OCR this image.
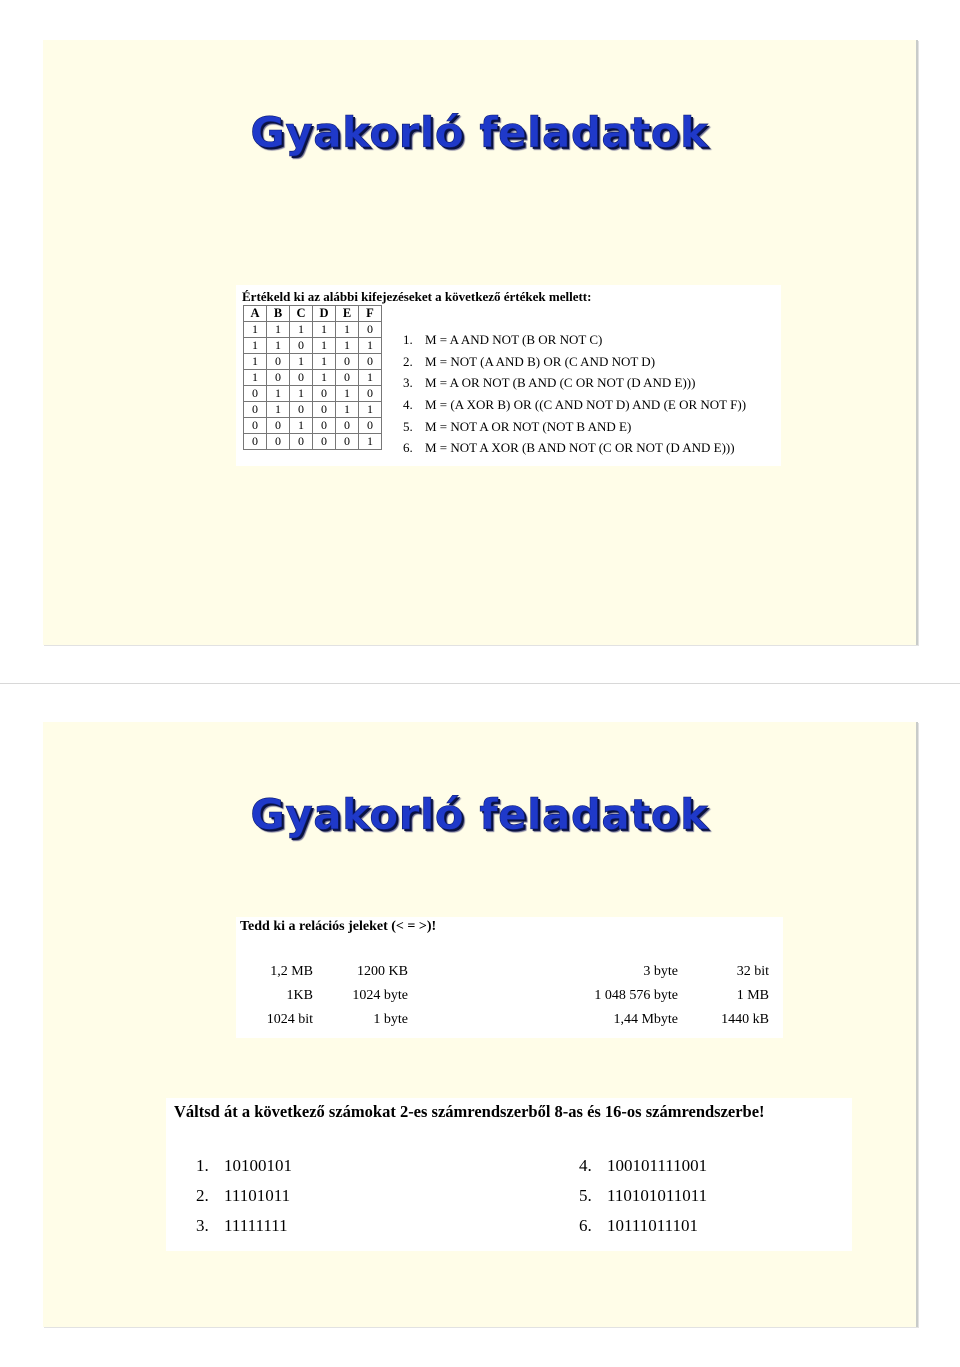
Gyakorló feladatok
Értékeld ki az alábbi kifejezéseket a következő értékek mellett:
A	B	C	D	E	F
1	1	1	1	1	0
1	1	0	1	1	1
1	0	1	1	0	0
1	0	0	1	0	1
0	1	1	0	1	0
0	1	0	0	1	1
0	0	1	0	0	0
0	0	0	0	0	1
1. M = A AND NOT (B OR NOT C)
2. M = NOT (A AND B) OR (C AND NOT D)
3. M = A OR NOT (B AND (C OR NOT (D AND E)))
4. M = (A XOR B) OR ((C AND NOT D) AND (E OR NOT F))
5. M = NOT A OR NOT (NOT B AND E)
6. M = NOT A XOR (B AND NOT (C OR NOT (D AND E)))
Gyakorló feladatok
Tedd ki a relációs jeleket (< = >)!
1,2 MB	1200 KB	3 byte	32 bit
1KB	1024 byte	1 048 576 byte	1 MB
1024 bit	1 byte	1,44 Mbyte	1440 kB
Váltsd át a következő számokat 2-es számrendszerből 8-as és 16-os számrendszerbe!
1. 10100101
2. 11101011
3. 11111111
4. 100101111001
5. 110101011011
6. 10111011101
